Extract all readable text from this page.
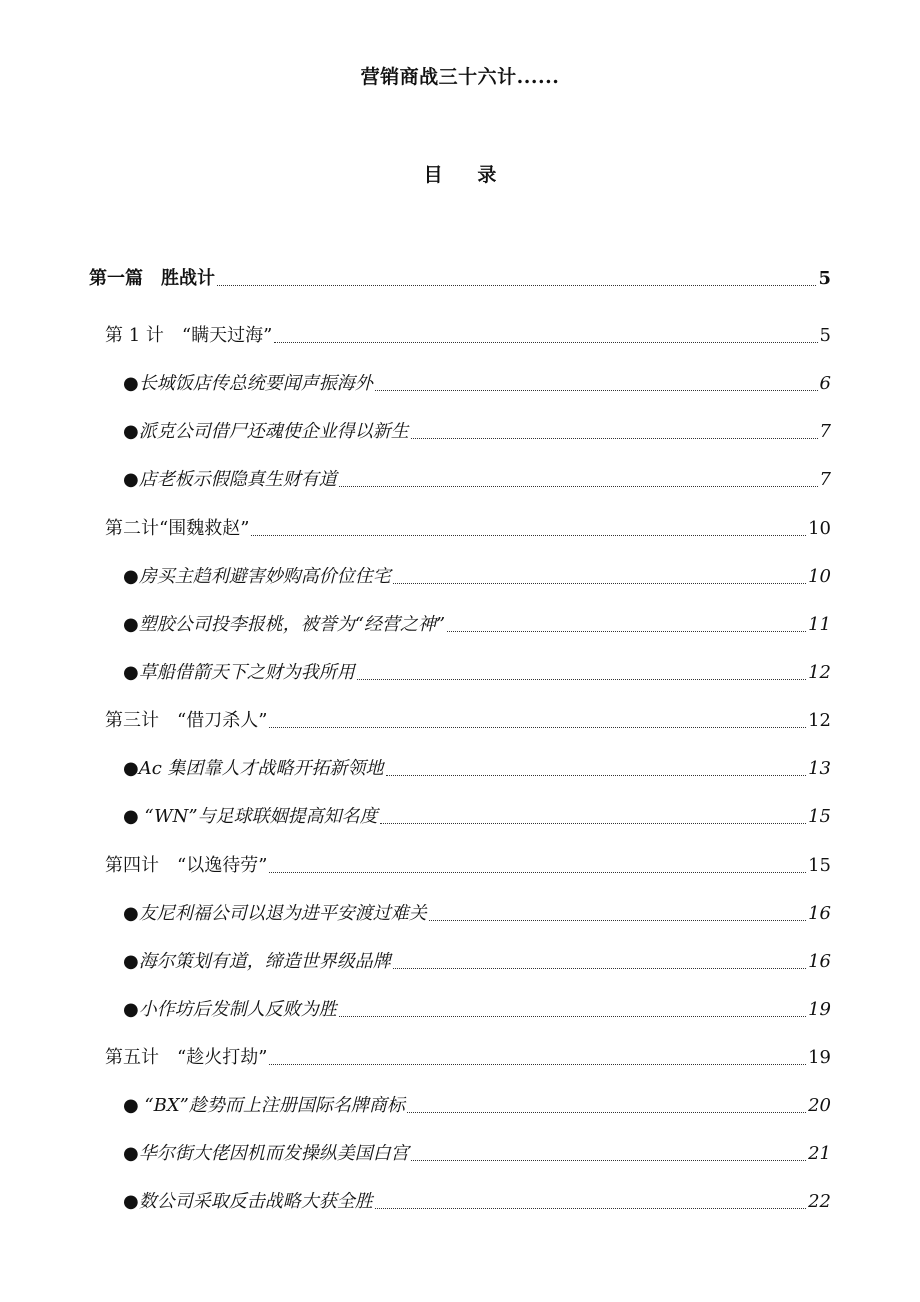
营销商战三十六计......
目 录
第一篇　胜战计	5
第 1 计　“瞒天过海”	5
●长城饭店传总统要闻声振海外	6
●派克公司借尸还魂使企业得以新生	7
●店老板示假隐真生财有道	7
第二计“围魏救赵”	10
●房买主趋利避害妙购高价位住宅	10
●塑胶公司投李报桃，被誉为“经营之神”	11
●草船借箭天下之财为我所用	12
第三计　“借刀杀人”	12
●Ac 集团靠人才战略开拓新领地	13
● “WN”与足球联姻提高知名度	15
第四计　“以逸待劳”	15
●友尼利福公司以退为进平安渡过难关	16
●海尔策划有道，缔造世界级品牌	16
●小作坊后发制人反败为胜	19
第五计　“趁火打劫”	19
● “BX”趁势而上注册国际名牌商标	20
●华尔街大佬因机而发操纵美国白宫	21
●数公司采取反击战略大获全胜	22
